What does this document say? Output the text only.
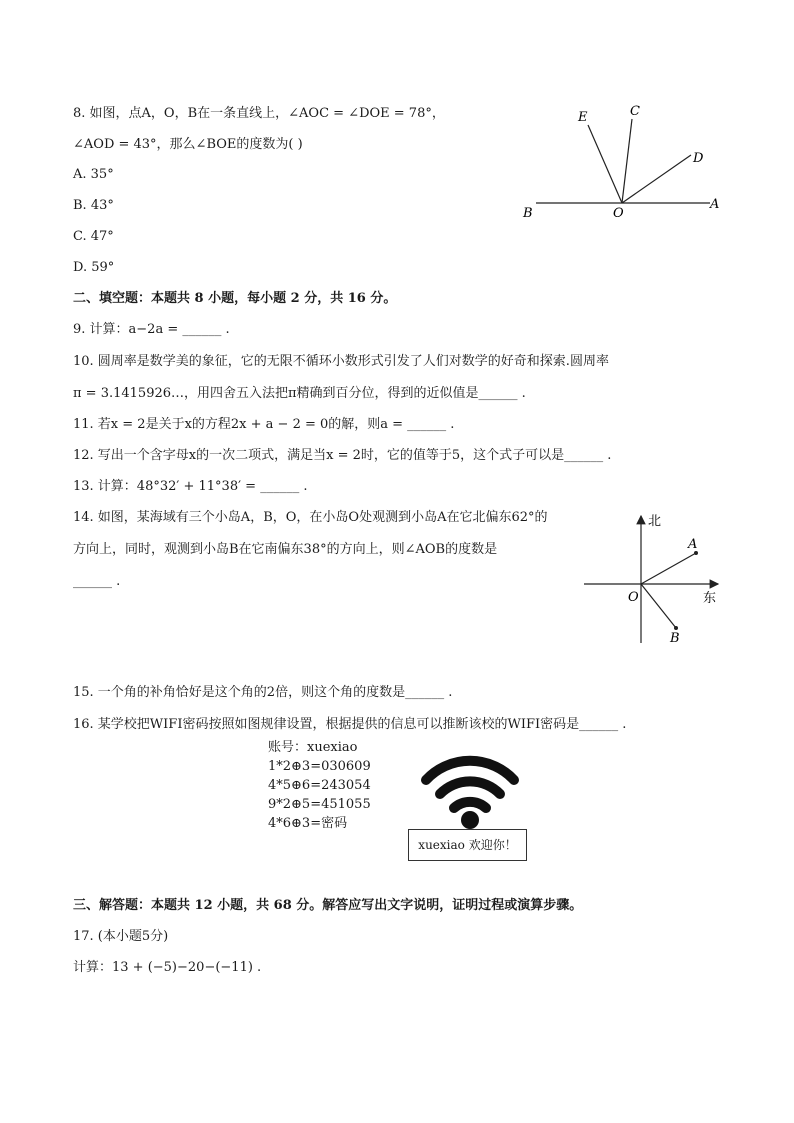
8. 如图，点A，O，B在一条直线上，∠AOC = ∠DOE = 78°，
∠AOD = 43°，那么∠BOE的度数为( )
A. 35°
B. 43°
C. 47°
D. 59°
E	C
D
B	O
A
二、填空题：本题共 8 小题，每小题 2 分，共 16 分。
9. 计算：a−2a = ______ .
10. 圆周率是数学美的象征，它的无限不循环小数形式引发了人们对数学的好奇和探索.圆周率
π = 3.1415926…，用四舍五入法把π精确到百分位，得到的近似值是______ .
11. 若x = 2是关于x的方程2x + a − 2 = 0的解，则a = ______ .
12. 写出一个含字母x的一次二项式，满足当x = 2时，它的值等于5，这个式子可以是______ .
13. 计算：48°32′ + 11°38′ = ______ .
14. 如图，某海域有三个小岛A，B，O，在小岛O处观测到小岛A在它北偏东62°的
方向上，同时，观测到小岛B在它南偏东38°的方向上，则∠AOB的度数是
______ .
北
东
A
O
B
15. 一个角的补角恰好是这个角的2倍，则这个角的度数是______ .
16. 某学校把WIFI密码按照如图规律设置，根据提供的信息可以推断该校的WIFI密码是______ .
账号：xuexiao
1*2⊕3=030609
4*5⊕6=243054
9*2⊕5=451055
4*6⊕3=密码
xuexiao 欢迎你！
三、解答题：本题共 12 小题，共 68 分。解答应写出文字说明，证明过程或演算步骤。
17. (本小题5分)
计算：13 + (−5)−20−(−11) .
